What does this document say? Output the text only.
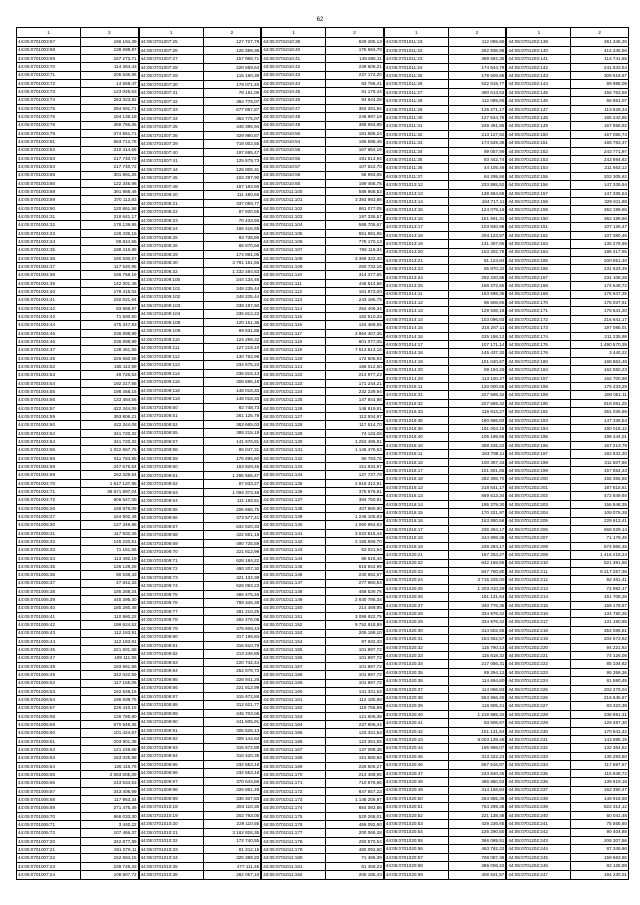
62
1	2
44:05:0701003:67	166 194,39
44:05:0701003:68	138 698,87
44:05:0701003:69	167 273,71
44:05:0701003:70	114 364,43
44:05:0701003:71	205 536,96
44:05:0701003:72	14 559,47
44:05:0701003:73	123 049,53
44:05:0701003:74	263 323,82
44:05:0701003:75	284 691,71
44:05:0701003:76	184 135,18
44:05:0701003:78	369 786,05
44:05:0701003:79	374 651,71
44:05:0701003:81	563 712,78
44:05:0701003:82	210 414,66
44:05:0701003:83	217 740,72
44:05:0701003:84	217 740,72
44:05:0701003:85	301 891,26
44:05:0701003:86	122 345,96
44:05:0701003:88	391 988,46
44:05:0701003:89	370 113,83
44:05:0701003:90	120 861,58
44:05:0701004:31	218 641,17
44:05:0701004:32	178 139,95
44:05:0701004:33	126 336,15
44:05:0701004:34	89 844,56
44:05:0701004:35	188 416,88
44:05:0701004:36	190 930,67
44:05:0701004:37	117 540,95
44:05:0701004:38	155 758,19
44:05:0701004:39	142 301,48
44:05:0701004:40	178 416,02
44:05:0701004:41	150 021,64
44:05:0701004:42	93 888,97
44:05:0701004:43	71 830,50
44:05:0701004:44	475 347,83
44:05:0701004:45	236 898,99
44:05:0701004:46	236 898,99
44:05:0701004:47	138 461,55
44:05:0701004:48	226 650,56
44:05:0701004:52	155 113,99
44:05:0701004:53	49 726,53
44:05:0701004:54	192 217,66
44:05:0701004:55	198 458,16
44:05:0701004:56	133 484,56
44:05:0701004:57	422 344,06
44:05:0701004:59	393 806,21
44:05:0701004:60	422 344,06
44:05:0701004:62	341 720,32
44:05:0701004:64	341 720,32
44:05:0701004:65	1 022 667,75
44:05:0701004:66	511 784,95
44:05:0701004:68	247 675,64
44:05:0701004:69	262 329,64
44:05:0701004:70	1 617 137,95
44:05:0701004:71	36 671 697,04
44:05:0701004:72	606 647,09
44:05:0701006:26	158 878,09
44:05:0701006:27	164 902,46
44:05:0701006:30	127 349,95
44:05:0701006:31	117 832,26
44:05:0701006:32	145 220,51
44:05:0701006:33	71 151,56
44:05:0701006:34	113 492,19
44:05:0701006:35	126 129,29
44:05:0701006:36	90 636,43
44:05:0701006:37	47 842,33
44:05:0701006:38	185 288,24
44:05:0701006:39	445 395,30
44:05:0701006:40	185 260,48
44:05:0701006:41	110 960,22
44:05:0701006:42	199 624,52
44:05:0701006:43	112 183,91
44:05:0701006:44	112 183,91
44:05:0701006:45	221 601,58
44:05:0701006:47	189 111,56
44:05:0701006:48	183 661,66
44:05:0701006:49	342 022,59
44:05:0701006:52	117 155,06
44:05:0701006:53	162 648,16
44:05:0701006:54	196 939,76
44:05:0701006:57	226 410,15
44:05:0701006:58	126 785,90
44:05:0701006:59	670 948,35
44:05:0701006:60	101 424,67
44:05:0701006:61	203 901,36
44:05:0701006:62	121 249,68
44:05:0701006:63	153 025,98
44:05:0701006:64	126 116,76
44:05:0701006:65	2 063 005,09
44:05:0701006:66	243 634,53
44:05:0701006:67	343 406,69
44:05:0701006:68	117 963,34
44:05:0701006:69	271 476,49
44:05:0701006:70	966 033,30
44:05:0701006:71	3 440,22
44:05:0701006:72	107 466,37
44:05:0701007:20	342 877,89
44:05:0701007:21	261 079,11
44:05:0701007:22	152 584,15
44:05:0701007:23	239 745,43
44:05:0701007:24	108 807,72
1	2
44:05:0701007:25	127 727,78
44:05:0701007:26	125 599,36
44:05:0701007:27	157 968,71
44:05:0701007:28	220 659,64
44:05:0701007:29	115 190,38
44:05:0701007:30	179 071,40
44:05:0701007:31	78 151,06
44:05:0701007:32	364 775,07
44:05:0701007:33	677 857,87
44:05:0701007:34	364 775,07
44:05:0701007:35	448 396,94
44:05:0701007:36	429 990,87
44:05:0701007:39	718 002,55
44:05:0701007:40	197 695,47
44:05:0701007:41	125 579,73
44:05:0701007:44	125 006,31
44:05:0701007:45	104 297,90
44:05:0701007:48	187 183,60
44:05:0701008:20	111 460,56
44:05:0701008:21	337 059,77
44:05:0701008:22	87 920,55
44:05:0701008:23	70 433,66
44:05:0701008:24	165 416,65
44:05:0701008:25	93 728,86
44:05:0701008:26	86 870,66
44:05:0701008:29	174 991,05
44:05:0701008:30	3 781 151,56
44:05:0701008:32	1 232 484,83
44:05:0701009:100	244 134,46
44:05:0701009:101	248 235,44
44:05:0701009:102	248 235,44
44:05:0701009:103	239 197,60
44:05:0701009:104	235 812,22
44:05:0701009:108	120 151,36
44:05:0701009:109	99 831,88
44:05:0701009:110	124 298,32
44:05:0701009:111	127 219,10
44:05:0701009:112	130 752,99
44:05:0701009:113	234 575,23
44:05:0701009:114	236 815,13
44:05:0701009:115	308 685,18
44:05:0701009:118	148 018,33
44:05:0701009:119	148 018,33
44:05:0701009:50	82 748,73
44:05:0701009:51	261 125,78
44:05:0701009:52	363 665,03
44:05:0701009:55	389 215,19
44:05:0701009:57	141 676,81
44:05:0701009:58	85 047,31
44:05:0701009:59	176 695,60
44:05:0701009:60	163 829,46
44:05:0701009:61	1 295 565,47
44:05:0701009:62	87 833,27
44:05:0701009:63	1 094 373,48
44:05:0701009:64	111 193,61
44:05:0701009:65	206 666,75
44:05:0701009:66	473 577,41
44:05:0701009:67	634 520,33
44:05:0701009:68	422 661,18
44:05:0701009:69	490 725,59
44:05:0701009:70	221 812,99
44:05:0701009:71	628 194,22
44:05:0701009:72	490 207,30
44:05:0701009:73	421 134,39
44:05:0701009:74	626 093,23
44:05:0701009:75	466 475,46
44:05:0701009:76	789 345,38
44:05:0701009:77	491 210,25
44:05:0701009:78	462 476,08
44:05:0701009:79	475 609,43
44:05:0701009:80	317 196,84
44:05:0701009:81	316 810,79
44:05:0701009:82	213 248,88
44:05:0701009:83	220 742,44
44:05:0701009:84	252 678,73
44:05:0701009:85	228 941,26
44:05:0701009:86	221 812,99
44:05:0701009:87	315 672,88
44:05:0701009:88	312 621,77
44:05:0701009:89	245 703,05
44:05:0701009:90	241 605,91
44:05:0701009:91	305 626,13
44:05:0701009:92	308 144,84
44:05:0701009:93	315 672,88
44:05:0701009:94	310 420,35
44:05:0701009:95	232 653,18
44:05:0701009:96	232 653,18
44:05:0701009:97	370 643,86
44:05:0701009:98	326 861,49
44:05:0701009:99	330 407,83
44:05:0701010:18	284 110,30
44:05:0701010:19	202 793,05
44:05:0701010:20	229 110,55
44:05:0701010:21	3 162 826,35
44:05:0701010:32	172 740,55
44:05:0701010:33	81 312,15
44:05:0701010:34	325 389,20
44:05:0701010:35	477 111,45
44:05:0701010:36	282 057,10
1	2
44:05:0701010:39	829 285,13
44:05:0701010:40	175 694,79
44:05:0701010:41	149 695,11
44:05:0701010:42	239 509,21
44:05:0701010:43	237 172,20
44:05:0701010:44	83 795,41
44:05:0701010:45	91 176,44
44:05:0701010:46	94 644,28
44:05:0701010:47	362 291,94
44:05:0701010:48	246 997,19
44:05:0701010:49	389 993,98
44:05:0701010:50	181 586,24
44:05:0701010:54	166 598,46
44:05:0701010:55	167 654,16
44:05:0701010:56	191 514,94
44:05:0701010:57	107 622,70
44:05:0701010:59	58 993,05
44:05:0701010:60	169 466,76
44:05:0701011:100	588 868,53
44:05:0701011:101	3 393 993,86
44:05:0701011:102	861 077,05
44:05:0701011:103	197 336,57
44:05:0701011:104	588 705,67
44:05:0701011:105	651 991,95
44:05:0701011:106	778 170,13
44:05:0701011:107	765 119,34
44:05:0701011:108	3 369 322,33
44:05:0701011:109	250 732,16
44:05:0701011:110	314 377,65
44:05:0701011:111	446 614,68
44:05:0701011:112	161 873,00
44:05:0701011:113	243 186,75
44:05:0701011:114	254 406,34
44:05:0701011:115	182 510,33
44:05:0701011:116	124 469,55
44:05:0701011:117	2 964 407,36
44:05:0701011:118	801 077,05
44:05:0701011:119	7 513 813,16
44:05:0701011:120	172 605,93
44:05:0701011:121	186 012,50
44:05:0701011:122	214 977,23
44:05:0701011:123	171 244,21
44:05:0701011:124	232 239,94
44:05:0701011:125	147 944,98
44:05:0701011:126	148 619,91
44:05:0701011:127	113 934,97
44:05:0701011:128	117 514,70
44:05:0701011:129	74 122,08
44:05:0701011:130	1 253 496,81
44:05:0701011:131	1 146 476,53
44:05:0701011:132	90 793,76
44:05:0701011:133	151 934,97
44:05:0701011:134	127 727,78
44:05:0701011:135	2 916 312,91
44:05:0701011:136	375 676,81
44:05:0701011:137	384 750,91
44:05:0701011:138	407 990,90
44:05:0701011:139	1 246 105,83
44:05:0701011:140	1 060 954,63
44:05:0701011:141	3 022 815,44
44:05:0701011:142	2 155 599,70
44:05:0701011:143	53 021,64
44:05:0701011:144	86 516,44
44:05:0701011:145	516 842,98
44:05:0701011:146	240 682,67
44:05:0701011:147	277 960,54
44:05:0701011:148	468 539,76
44:05:0701011:149	2 640 786,34
44:05:0701011:150	214 489,95
44:05:0701011:151	3 099 922,75
44:05:0701011:152	9 752 918,89
44:05:0701011:153	205 198,10
44:05:0701011:154	87 632,33
44:05:0701011:155	101 897,72
44:05:0701011:156	101 897,72
44:05:0701011:157	101 897,72
44:05:0701011:158	101 897,72
44:05:0701011:159	101 897,72
44:05:0701011:160	131 331,53
44:05:0701011:161	112 185,98
44:05:0701011:162	119 756,89
44:05:0701011:163	121 606,38
44:05:0701011:164	237 906,44
44:05:0701011:165	123 331,53
44:05:0701011:166	123 281,55
44:05:0701011:167	137 099,38
44:05:0701011:168	151 580,84
44:05:0701011:169	226 506,27
44:05:0701011:170	214 489,95
44:05:0701011:171	710 975,66
44:05:0701011:172	847 857,22
44:05:0701011:173	1 148 209,97
44:05:0701011:174	664 093,86
44:05:0701011:175	520 268,01
44:05:0701011:176	466 092,60
44:05:0701011:177	200 066,28
44:05:0701011:178	250 570,54
44:05:0701011:179	460 092,60
44:05:0701011:180	71 465,39
44:05:0701011:181	61 459,23
44:05:0701011:182	205 185,43
1	2
44:05:0701011:23	112 065,86
44:05:0701011:22	252 936,98
44:05:0701011:23	369 662,35
44:05:0701011:24	174 644,79
44:05:0701011:25	179 509,86
44:05:0701011:26	522 619,77
44:05:0701011:27	490 613,53
44:05:0701011:28	112 065,86
44:05:0701011:29	125 271,17
44:05:0701011:30	127 634,76
44:05:0701011:31	249 491,85
44:05:0701011:32	213 127,62
44:05:0701011:33	174 549,39
44:05:0701011:34	89 057,99
44:05:0701011:35	83 442,74
44:05:0701011:36	44 105,46
44:05:0701011:37	84 295,86
44:05:0701013:12	233 865,52
44:05:0701013:13	138 584,68
44:05:0701013:14	184 717,11
44:05:0701013:15	124 079,16
44:05:0701013:16	161 691,31
44:05:0701013:17	103 840,98
44:05:0701013:18	204 123,57
44:05:0701013:19	131 407,66
44:05:0701013:20	153 302,78
44:05:0701013:21	81 124,84
44:05:0701013:23	65 870,32
44:05:0701013:24	292 220,86
44:05:0701013:25	186 372,65
44:05:0701014:11	163 698,36
44:05:0701014:12	86 606,66
44:05:0701014:13	129 536,19
44:05:0701014:14	103 096,83
44:05:0701014:15	216 287,11
44:05:0701014:16	225 158,12
44:05:0701014:17	107 171,14
44:05:0701014:18	145 437,32
44:05:0701014:19	101 040,67
44:05:0701014:20	69 194,26
44:05:0701014:29	113 100,47
44:05:0701016:11	120 000,66
44:05:0701016:31	227 598,42
44:05:0701016:32	227 659,42
44:05:0701016:33	119 913,27
44:05:0701016:35	190 666,83
44:05:0701016:36	191 004,16
44:05:0701016:40	105 199,65
44:05:0701016:10	368 245,22
44:05:0701016:11	183 798,11
44:05:0701016:16	100 397,44
44:05:0701016:17	101 601,65
44:05:0701016:18	282 306,70
44:05:0701016:12	218 641,17
44:05:0701016:13	869 613,34
44:05:0701016:14	195 379,30
44:05:0701016:15	170 221,97
44:05:0701016:16	163 880,56
44:05:0701016:17	236 294,17
44:05:0701016:18	244 998,38
44:05:0701016:19	236 294,17
44:05:0701020:21	187 334,27
44:05:0701020:22	642 168,65
44:05:0701020:23	847 760,80
44:05:0701020:24	3 715 225,00
44:05:0701020:25	1 203 310,29
44:05:0701020:26	161 131,64
44:05:0701020:27	340 776,35
44:05:0701020:28	334 976,42
44:05:0701020:29	334 976,42
44:05:0701020:30	314 602,65
44:05:0701020:31	154 652,57
44:05:0701020:32	115 790,13
44:05:0701020:33	116 818,32
44:05:0701020:34	217 056,31
44:05:0701020:35	89 294,12
44:05:0701020:36	114 694,80
44:05:0701020:37	114 066,83
44:05:0701020:38	553 956,40
44:05:0701020:39	116 805,21
44:05:0701020:40	1 219 885,33
44:05:0701020:41	93 606,97
44:05:0701020:42	151 131,64
44:05:0701020:43	8 003 139,48
44:05:0701020:44	195 998,07
44:05:0701020:45	313 222,23
44:05:0701020:46	667 516,87
44:05:0701020:47	243 840,46
44:05:0701020:48	466 880,53
44:05:0701020:49	414 158,94
44:05:0701020:50	264 855,39
44:05:0701020:51	764 299,38
44:05:0701020:52	221 138,48
44:05:0701020:53	429 236,65
44:05:0701020:54	226 290,50
44:05:0701020:55	366 069,51
44:05:0701020:56	463 762,22
44:05:0701020:57	708 087,36
44:05:0701020:58	386 006,22
44:05:0701020:59	408 531,57
1	2
44:05:0701202:139	361 346,20
44:05:0701202:140	414 345,56
44:05:0701202:141	114 741,65
44:05:0701202:142	241 633,54
44:05:0701202:143	309 516,67
44:05:0701202:144	99 988,09
44:05:0701202:145	155 763,59
44:05:0701202:146	65 851,07
44:05:0701202:147	113 628,34
44:05:0701202:148	165 242,86
44:05:0701202:149	167 958,92
44:05:0701202:150	167 065,74
44:05:0701202:151	168 783,37
44:05:0701202:152	243 771,97
44:05:0701202:153	243 894,82
44:05:0701202:154	211 663,12
44:05:0701202:155	202 305,62
44:05:0701202:156	147 335,54
44:05:0701202:157	147 335,54
44:05:0701202:158	329 611,88
44:05:0701202:159	362 199,66
44:05:0701202:160	362 199,66
44:05:0701202:161	107 126,47
44:05:0701202:162	107 380,46
44:05:0701202:163	135 276,69
44:05:0701202:164	188 417,65
44:05:0701202:165	200 651,40
44:05:0701202:166	231 633,49
44:05:0701202:167	231 108,28
44:05:0701202:168	174 648,72
44:05:0701202:169	176 647,35
44:05:0701202:170	175 037,91
44:05:0701202:171	176 641,20
44:05:0701202:172	216 641,17
44:05:0701202:173	197 085,01
44:05:0701202:174	211 235,98
44:05:0701202:175	1 490 570,39
44:05:0701202:176	3 440,22
44:05:0701202:180	168 863,48
44:05:0701202:184	162 650,23
44:05:0701202:187	162 700,68
44:05:0701202:188	175 433,29
44:05:0701202:189	208 051,11
44:05:0701202:190	619 081,25
44:05:0701202:192	361 035,69
44:05:0701202:193	147 335,54
44:05:0701202:194	180 018,12
44:05:0701202:195	198 444,01
44:05:0701202:196	167 213,79
44:05:0701202:197	182 832,20
44:05:0701202:198	311 507,56
44:05:0701202:199	157 664,43
44:05:0701202:200	156 366,55
44:05:0701202:201	187 815,61
44:05:0701202:202	472 849,94
44:05:0701202:203	156 848,35
44:05:0701202:204	109 076,28
44:05:0701202:205	229 813,41
44:05:0701202:206	669 029,14
44:05:0701202:207	71 178,45
44:05:0701202:208	574 966,45
44:05:0701202:209	1 416 216,24
44:05:0701202:210	521 391,66
44:05:0701202:211	8 217 257,36
44:05:0701202:212	82 481,41
44:05:0701202:213	72 992,47
44:05:0701202:214	151 708,26
44:05:0701202:215	159 178,67
44:05:0701202:216	134 780,26
44:05:0701202:217	131 180,85
44:05:0701202:218	354 086,81
44:05:0701202:219	204 673,62
44:05:0701202:220	94 221,62
44:05:0701202:221	74 126,08
44:05:0701202:222	85 334,82
44:05:0701202:223	95 356,36
44:05:0701202:224	81 590,45
44:05:0701202:225	202 279,04
44:05:0701202:226	216 645,67
44:05:0701202:227	83 323,38
44:05:0701202:228	238 691,31
44:05:0701202:229	129 487,30
44:05:0701202:230	170 941,42
44:05:0701202:231	143 886,19
44:05:0701202:232	132 364,62
44:05:0701202:233	135 293,60
44:05:0701202:234	117 697,67
44:05:0701202:235	115 946,72
44:05:0701202:236	139 619,18
44:05:0701202:237	162 390,47
44:05:0701202:238	149 918,68
44:05:0701202:239	822 314,12
44:05:0701202:240	60 041,48
44:05:0701202:241	75 565,60
44:05:0701202:242	90 404,88
44:05:0701202:243	208 307,56
44:05:0701202:244	87 345,66
44:05:0701202:245	159 663,86
44:05:0701202:246	82 125,58
44:05:0701202:247	194 230,01
